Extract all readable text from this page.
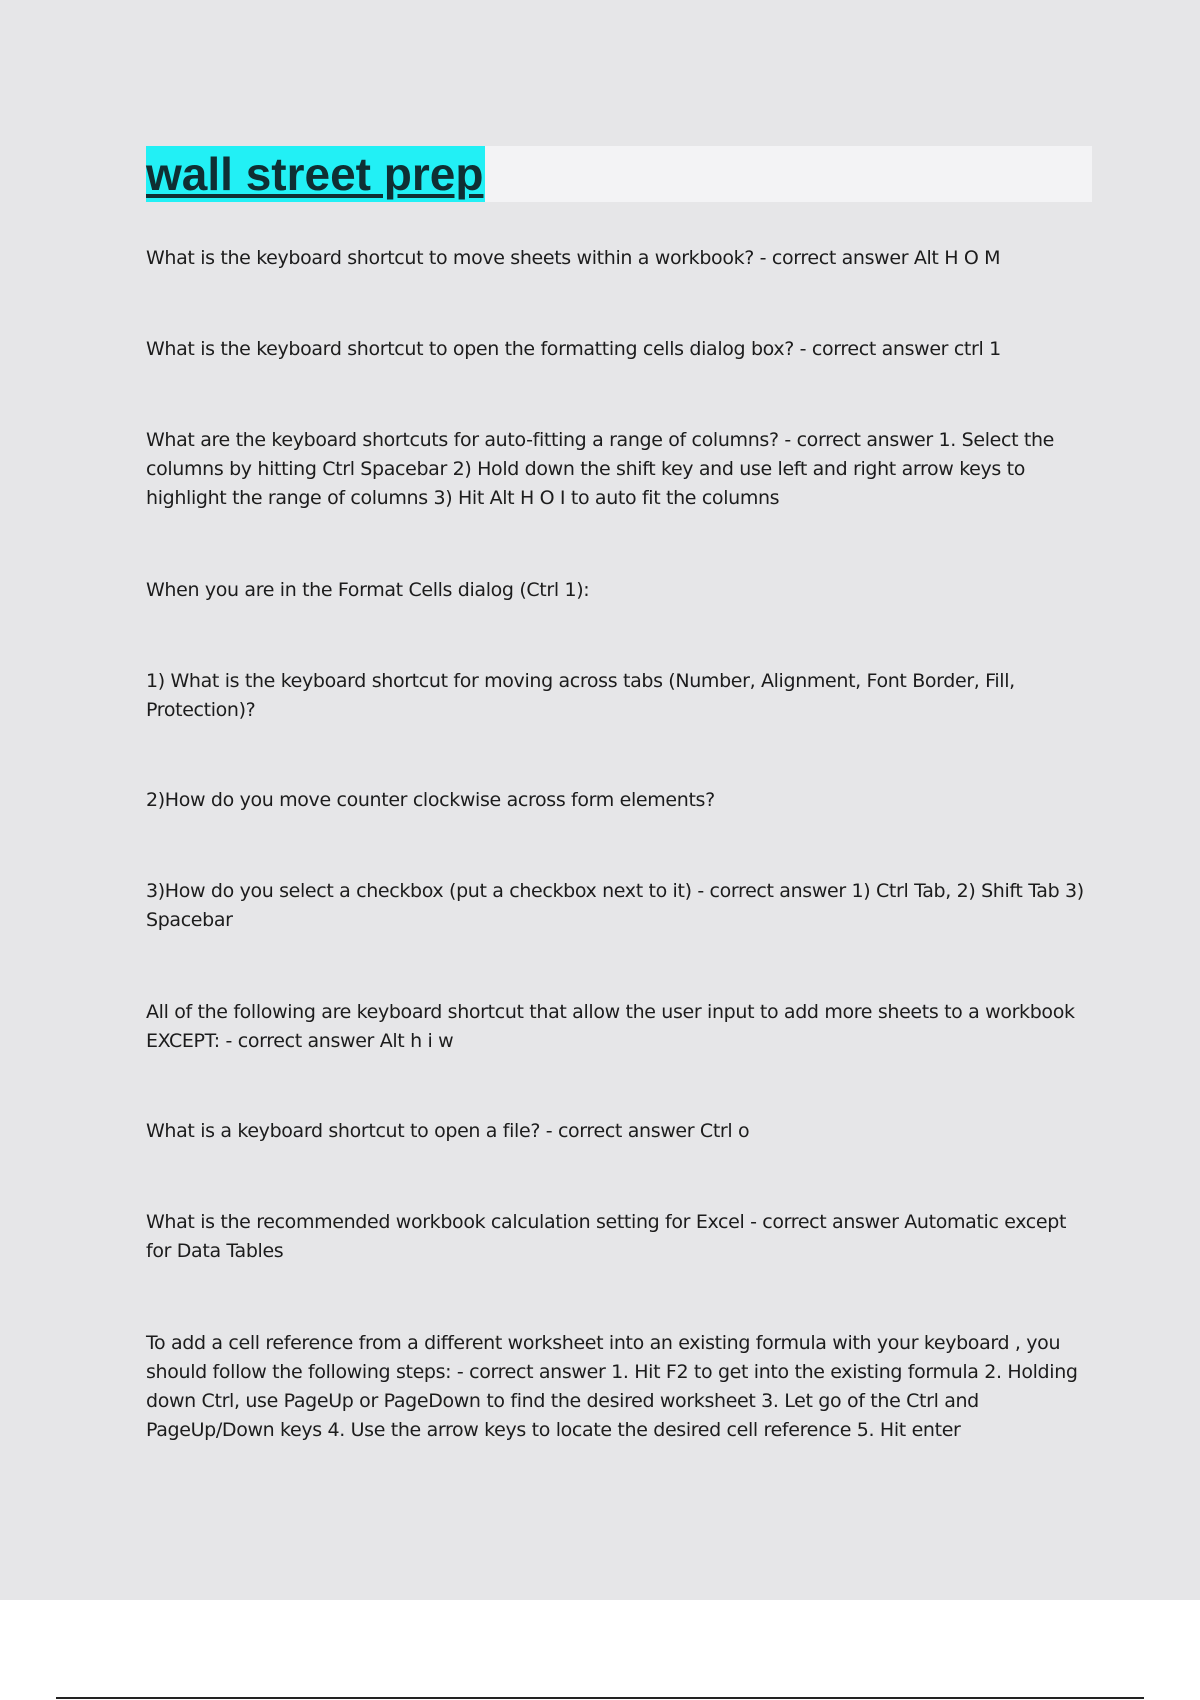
wall street prep

What is the keyboard shortcut to move sheets within a workbook? - correct answer Alt H O M

What is the keyboard shortcut to open the formatting cells dialog box? - correct answer ctrl 1

What are the keyboard shortcuts for auto-fitting a range of columns? - correct answer 1. Select the columns by hitting Ctrl Spacebar 2) Hold down the shift key and use left and right arrow keys to highlight the range of columns 3) Hit Alt H O I to auto fit the columns

When you are in the Format Cells dialog (Ctrl 1):

1) What is the keyboard shortcut for moving across tabs (Number, Alignment, Font Border, Fill, Protection)?

2)How do you move counter clockwise across form elements?

3)How do you select a checkbox (put a checkbox next to it) - correct answer 1) Ctrl Tab, 2) Shift Tab 3) Spacebar

All of the following are keyboard shortcut that allow the user input to add more sheets to a workbook EXCEPT: - correct answer Alt h i w

What is a keyboard shortcut to open a file? - correct answer Ctrl o

What is the recommended workbook calculation setting for Excel - correct answer Automatic except for Data Tables

To add a cell reference from a different worksheet into an existing formula with your keyboard , you should follow the following steps: - correct answer 1. Hit F2 to get into the existing formula 2. Holding down Ctrl, use PageUp or PageDown to find the desired worksheet 3. Let go of the Ctrl and PageUp/Down keys 4. Use the arrow keys to locate the desired cell reference 5. Hit enter
